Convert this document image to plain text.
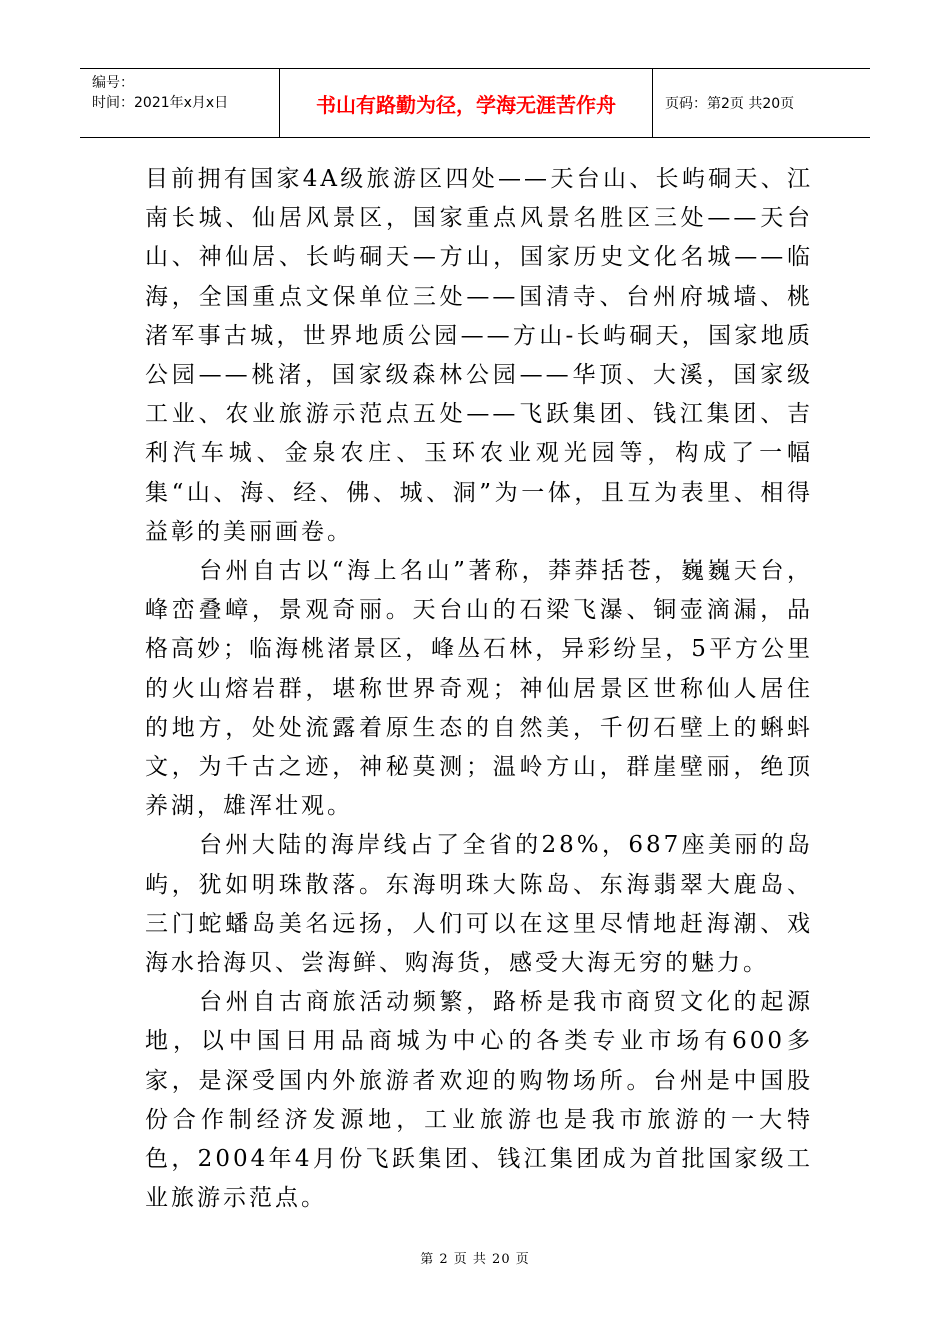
编号：
时间：2021年x月x日	书山有路勤为径，学海无涯苦作舟	页码：第2页 共20页

目前拥有国家4A级旅游区四处——天台山、长屿硐天、江南长城、仙居风景区，国家重点风景名胜区三处——天台山、神仙居、长屿硐天—方山，国家历史文化名城——临海，全国重点文保单位三处——国清寺、台州府城墙、桃渚军事古城，世界地质公园——方山-长屿硐天，国家地质公园——桃渚，国家级森林公园——华顶、大溪，国家级工业、农业旅游示范点五处——飞跃集团、钱江集团、吉利汽车城、金泉农庄、玉环农业观光园等，构成了一幅集“山、海、经、佛、城、洞”为一体，且互为表里、相得益彰的美丽画卷。

台州自古以“海上名山”著称，莽莽括苍，巍巍天台，峰峦叠嶂，景观奇丽。天台山的石梁飞瀑、铜壶滴漏，品格高妙；临海桃渚景区，峰丛石林，异彩纷呈，5平方公里的火山熔岩群，堪称世界奇观；神仙居景区世称仙人居住的地方，处处流露着原生态的自然美，千仞石壁上的蝌蚪文，为千古之迹，神秘莫测；温岭方山，群崖壁丽，绝顶养湖，雄浑壮观。

台州大陆的海岸线占了全省的28%，687座美丽的岛屿，犹如明珠散落。东海明珠大陈岛、东海翡翠大鹿岛、三门蛇蟠岛美名远扬，人们可以在这里尽情地赶海潮、戏海水拾海贝、尝海鲜、购海货，感受大海无穷的魅力。

台州自古商旅活动频繁，路桥是我市商贸文化的起源地，以中国日用品商城为中心的各类专业市场有600多家，是深受国内外旅游者欢迎的购物场所。台州是中国股份合作制经济发源地，工业旅游也是我市旅游的一大特色，2004年4月份飞跃集团、钱江集团成为首批国家级工业旅游示范点。

第 2 页 共 20 页
